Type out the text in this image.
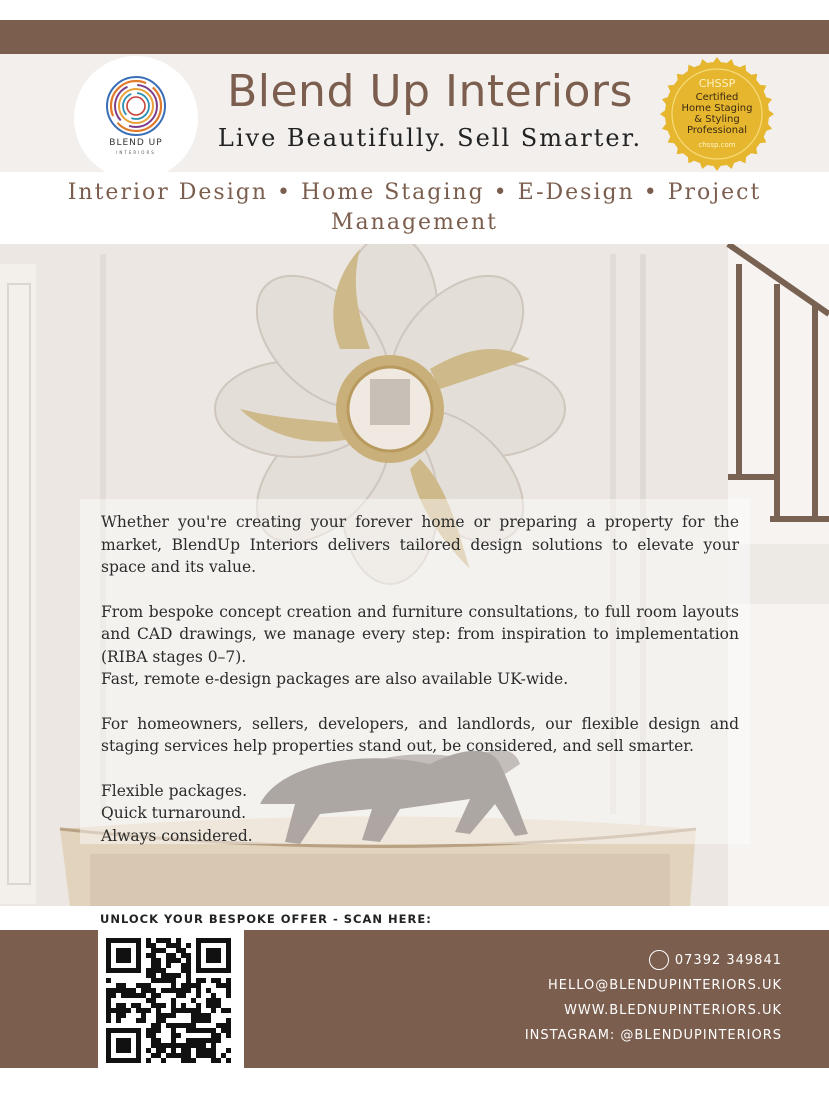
BLEND UP
INTERIORS
Blend Up Interiors
Live Beautifully. Sell Smarter.
CHSSP
Certified
Home Staging
& Styling
Professional
chssp.com
Interior Design • Home Staging • E-Design • Project Management

Whether you're creating your forever home or preparing a property for the market, BlendUp Interiors delivers tailored design solutions to elevate your space and its value.

From bespoke concept creation and furniture consultations, to full room layouts and CAD drawings, we manage every step: from inspiration to implementation (RIBA stages 0–7).
Fast, remote e-design packages are also available UK-wide.

For homeowners, sellers, developers, and landlords, our flexible design and staging services help properties stand out, be considered, and sell smarter.

Flexible packages.
Quick turnaround.
Always considered.

UNLOCK YOUR BESPOKE OFFER - SCAN HERE:
07392 349841
HELLO@BLENDUPINTERIORS.UK
WWW.BLEDNUPINTERIORS.UK
INSTAGRAM: @BLENDUPINTERIORS
